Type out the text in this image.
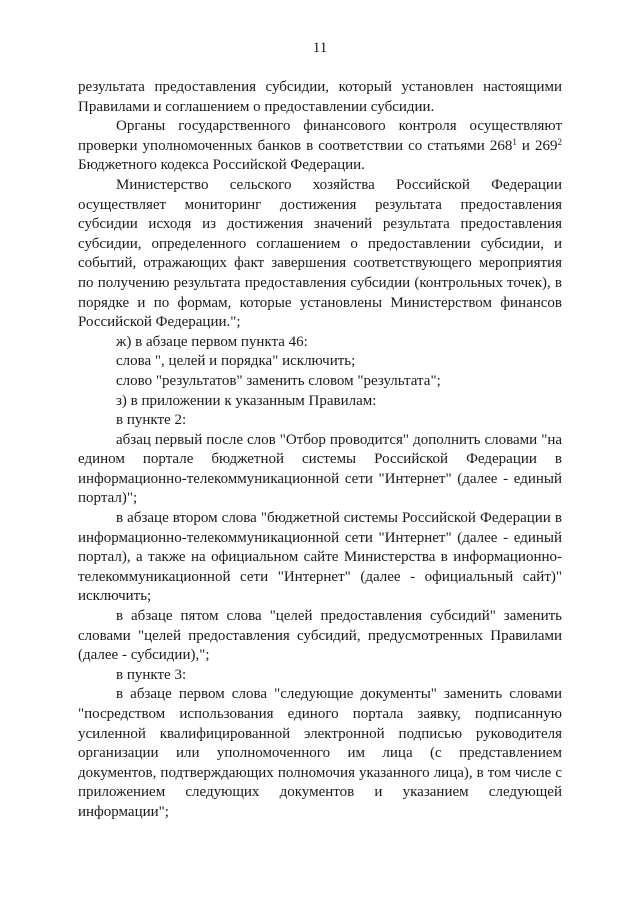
11

результата предоставления субсидии, который установлен настоящими Правилами и соглашением о предоставлении субсидии.

Органы государственного финансового контроля осуществляют проверки уполномоченных банков в соответствии со статьями $268^1$ и $269^2$ Бюджетного кодекса Российской Федерации.

Министерство сельского хозяйства Российской Федерации осуществляет мониторинг достижения результата предоставления субсидии исходя из достижения значений результата предоставления субсидии, определенного соглашением о предоставлении субсидии, и событий, отражающих факт завершения соответствующего мероприятия по получению результата предоставления субсидии (контрольных точек), в порядке и по формам, которые установлены Министерством финансов Российской Федерации.";

ж) в абзаце первом пункта 46:

слова ", целей и порядка" исключить;

слово "результатов" заменить словом "результата";

з) в приложении к указанным Правилам:

в пункте 2:

абзац первый после слов "Отбор проводится" дополнить словами "на едином портале бюджетной системы Российской Федерации в информационно-телекоммуникационной сети "Интернет" (далее - единый портал)";

в абзаце втором слова "бюджетной системы Российской Федерации в информационно-телекоммуникационной сети "Интернет" (далее - единый портал), а также на официальном сайте Министерства в информационно-телекоммуникационной сети "Интернет" (далее - официальный сайт)" исключить;

в абзаце пятом слова "целей предоставления субсидий" заменить словами "целей предоставления субсидий, предусмотренных Правилами (далее - субсидии),";

в пункте 3:

в абзаце первом слова "следующие документы" заменить словами "посредством использования единого портала заявку, подписанную усиленной квалифицированной электронной подписью руководителя организации или уполномоченного им лица (с представлением документов, подтверждающих полномочия указанного лица), в том числе с приложением следующих документов и указанием следующей информации";
